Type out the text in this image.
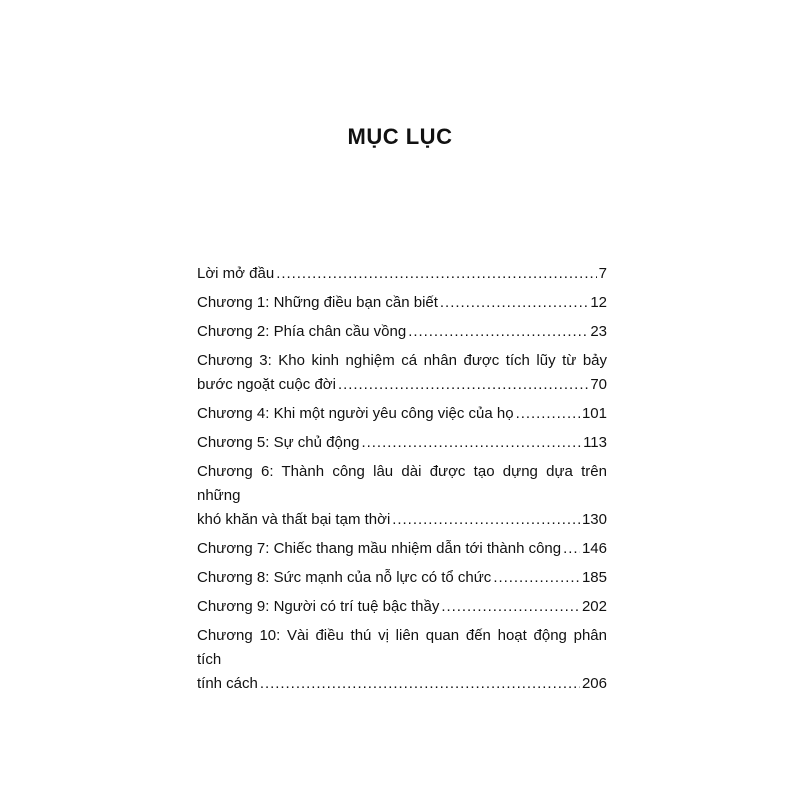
MỤC LỤC
Lời mở đầu . . .	7
Chương 1: Những điều bạn cần biết . . .	12
Chương 2: Phía chân cầu vồng . . .	23
Chương 3: Kho kinh nghiệm cá nhân được tích lũy từ bảy
bước ngoặt cuộc đời . . .	70
Chương 4: Khi một người yêu công việc của họ . . .	101
Chương 5: Sự chủ động . . .	113
Chương 6: Thành công lâu dài được tạo dựng dựa trên những
khó khăn và thất bại tạm thời . . .	130
Chương 7: Chiếc thang mầu nhiệm dẫn tới thành công . . . 146
Chương 8: Sức mạnh của nỗ lực có tổ chức . . .	185
Chương 9: Người có trí tuệ bậc thầy . . .	202
Chương 10: Vài điều thú vị liên quan đến hoạt động phân tích
tính cách . . .	206
